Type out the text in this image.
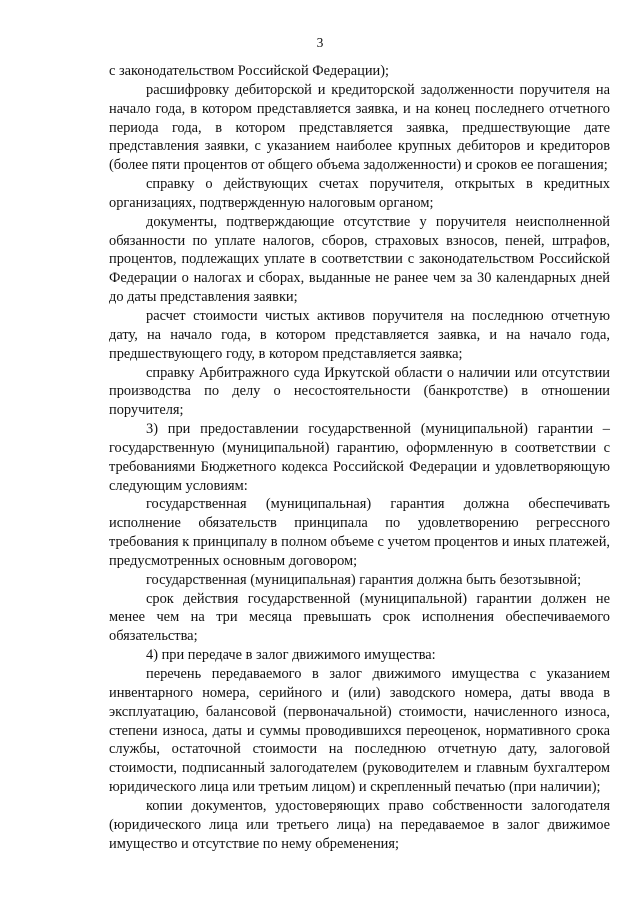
3

с законодательством Российской Федерации);

расшифровку дебиторской и кредиторской задолженности поручителя на начало года, в котором представляется заявка, и на конец последнего отчетного периода года, в котором представляется заявка, предшествующие дате представления заявки, с указанием наиболее крупных дебиторов и кредиторов (более пяти процентов от общего объема задолженности) и сроков ее погашения;

справку о действующих счетах поручителя, открытых в кредитных организациях, подтвержденную налоговым органом;

документы, подтверждающие отсутствие у поручителя неисполненной обязанности по уплате налогов, сборов, страховых взносов, пеней, штрафов, процентов, подлежащих уплате в соответствии с законодательством Российской Федерации о налогах и сборах, выданные не ранее чем за 30 календарных дней до даты представления заявки;

расчет стоимости чистых активов поручителя на последнюю отчетную дату, на начало года, в котором представляется заявка, и на начало года, предшествующего году, в котором представляется заявка;

справку Арбитражного суда Иркутской области о наличии или отсутствии производства по делу о несостоятельности (банкротстве) в отношении поручителя;

3) при предоставлении государственной (муниципальной) гарантии – государственную (муниципальной) гарантию, оформленную в соответствии с требованиями Бюджетного кодекса Российской Федерации и удовлетворяющую следующим условиям:

государственная (муниципальная) гарантия должна обеспечивать исполнение обязательств принципала по удовлетворению регрессного требования к принципалу в полном объеме с учетом процентов и иных платежей, предусмотренных основным договором;

государственная (муниципальная) гарантия должна быть безотзывной;

срок действия государственной (муниципальной) гарантии должен не менее чем на три месяца превышать срок исполнения обеспечиваемого обязательства;

4) при передаче в залог движимого имущества:

перечень передаваемого в залог движимого имущества с указанием инвентарного номера, серийного и (или) заводского номера, даты ввода в эксплуатацию, балансовой (первоначальной) стоимости, начисленного износа, степени износа, даты и суммы проводившихся переоценок, нормативного срока службы, остаточной стоимости на последнюю отчетную дату, залоговой стоимости, подписанный залогодателем (руководителем и главным бухгалтером юридического лица или третьим лицом) и скрепленный печатью (при наличии);

копии документов, удостоверяющих право собственности залогодателя (юридического лица или третьего лица) на передаваемое в залог движимое имущество и отсутствие по нему обременения;
